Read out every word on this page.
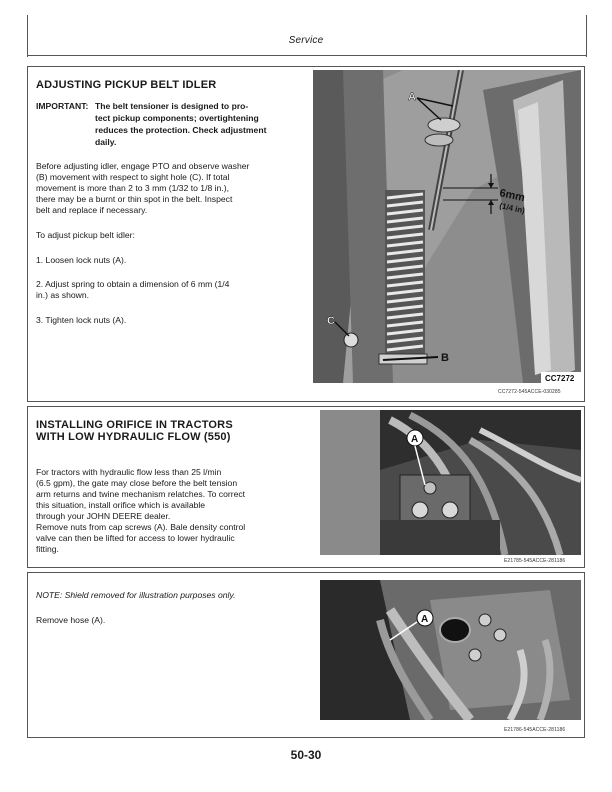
Service
ADJUSTING PICKUP BELT IDLER
IMPORTANT: The belt tensioner is designed to pro-
tect pickup components; overtightening
reduces the protection. Check adjustment
daily.
Before adjusting idler, engage PTO and observe washer
(B) movement with respect to sight hole (C). If total
movement is more than 2 to 3 mm (1/32 to 1/8 in.),
there may be a burnt or thin spot in the belt. Inspect
belt and replace if necessary.
To adjust pickup belt idler:
1. Loosen lock nuts (A).
2. Adjust spring to obtain a dimension of 6 mm (1/4
in.) as shown.
3. Tighten lock nuts (A).
6mm
(1/4 in)
A
B
C
CC7272
CC7272-545ACCE-030285
INSTALLING ORIFICE IN TRACTORS
WITH LOW HYDRAULIC FLOW (550)
For tractors with hydraulic flow less than 25 l/min
(6.5 gpm), the gate may close before the belt tension
arm returns and twine mechanism relatches. To correct
this situation, install orifice which is available
through your JOHN DEERE dealer.
Remove nuts from cap screws (A). Bale density control
valve can then be lifted for access to lower hydraulic
fitting.
A
E21785-545ACCE-281186
NOTE: Shield removed for illustration purposes only.
Remove hose (A).	A
E21786-545ACCE-281186
50-30
